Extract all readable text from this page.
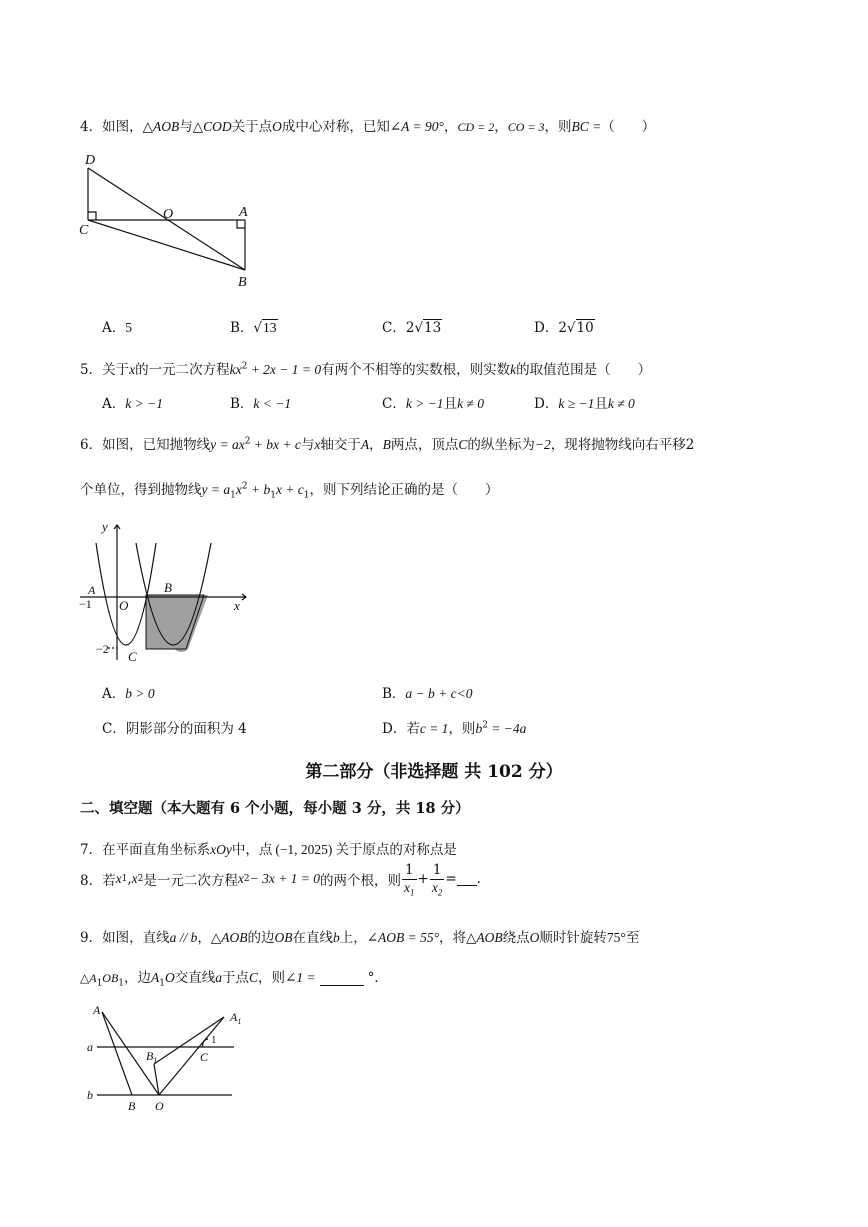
4．如图，△AOB与△COD关于点O成中心对称，已知∠A = 90°，CD = 2，CO = 3，则BC =（　　）
D
O	A
C
B
A．5	B．√13	C．2√13	D．2√10
5．关于x的一元二次方程$kx^2 + 2x - 1 = 0$有两个不相等的实数根，则实数k的取值范围是（　　）
A．k > −1	B．k < −1	C．k > −1且k ≠ 0	D．k ≥ −1且k ≠ 0
6．如图，已知抛物线$y = ax^2$ + bx + c与x轴交于A，B两点，顶点C的纵坐标为−2，现将抛物线向右平移2
个单位，得到抛物线$y = a_1x^2 + b_1x + c_1$，则下列结论正确的是（　　）
y
x
A	B
O
C
−1
−2
A．b > 0	B．a − b + c<0
C．阴影部分的面积为 4	D．若c = 1，则$b^2 = -4a$
第二部分（非选择题 共 102 分）
二、填空题（本大题有 6 个小题，每小题 3 分，共 18 分）
7．在平面直角坐标系xOy中，点 (−1, 2025) 关于原点的对称点是
8． 若 x 1 , x 2 是一元二次方程 x 2 − 3x + 1 = 0 的两个根，则 $\frac{1}{x_1} + \frac{1}{x_2}$ = .
9．如图，直线a // b，△AOB的边OB在直线b上，∠AOB = 55°，将△AOB绕点O顺时针旋转75°至
$\triangle A_1OB_1$，边$A_1O$交直线a于点C，则∠1 =	°．
A	$A_1$
a
b
$B_1$	C
1
B O
